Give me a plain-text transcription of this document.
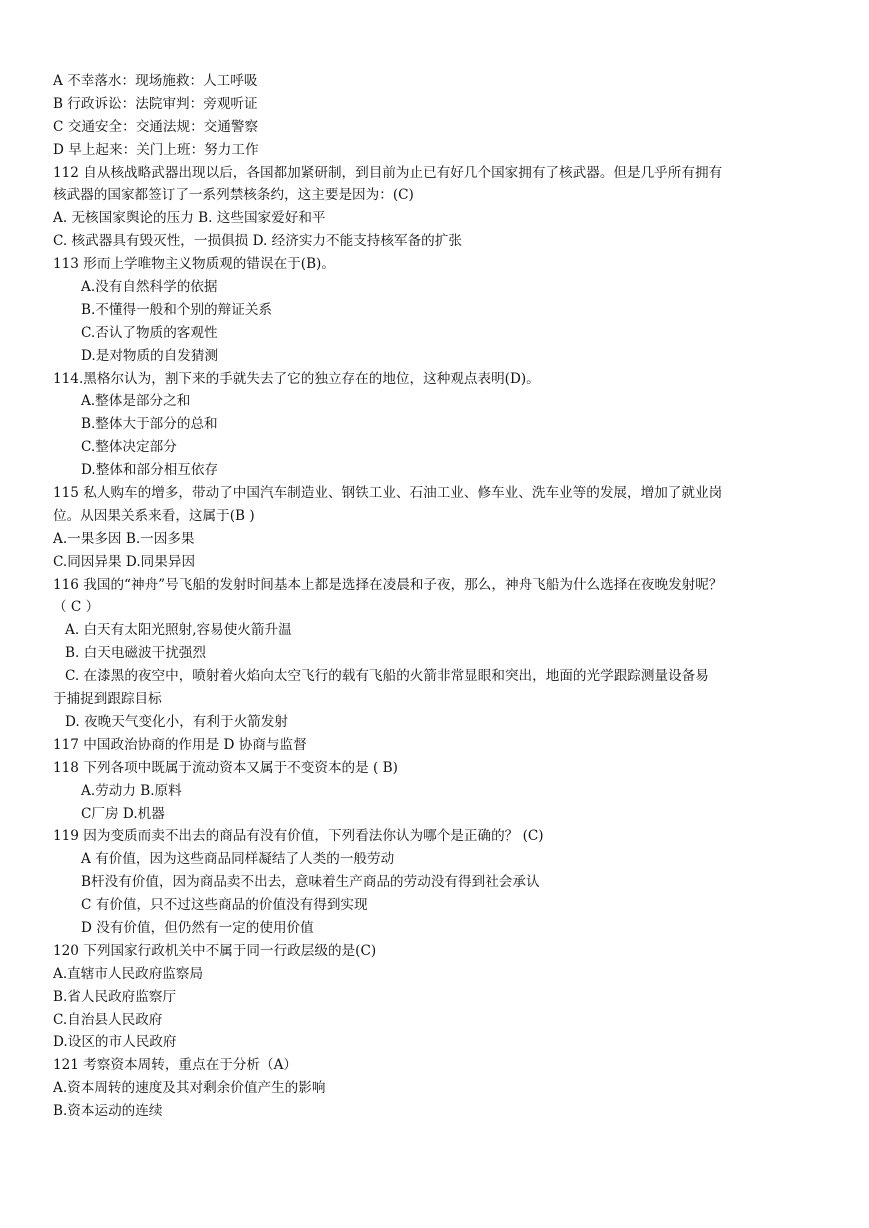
A 不幸落水：现场施救：人工呼吸
B 行政诉讼：法院审判：旁观听证
C 交通安全：交通法规：交通警察
D 早上起来：关门上班：努力工作
112 自从核战略武器出现以后，各国都加紧研制，到目前为止已有好几个国家拥有了核武器。但是几乎所有拥有
核武器的国家都签订了一系列禁核条约，这主要是因为：(C)
A. 无核国家舆论的压力 B. 这些国家爱好和平
C. 核武器具有毁灭性，一损俱损 D. 经济实力不能支持核军备的扩张
113 形而上学唯物主义物质观的错误在于(B)。
A.没有自然科学的依据
B.不懂得一般和个别的辩证关系
C.否认了物质的客观性
D.是对物质的自发猜测
114.黑格尔认为，割下来的手就失去了它的独立存在的地位，这种观点表明(D)。
A.整体是部分之和
B.整体大于部分的总和
C.整体决定部分
D.整体和部分相互依存
115 私人购车的增多，带动了中国汽车制造业、钢铁工业、石油工业、修车业、洗车业等的发展，增加了就业岗
位。从因果关系来看，这属于(B )
A.一果多因 B.一因多果
C.同因异果 D.同果异因
116 我国的“神舟”号飞船的发射时间基本上都是选择在凌晨和子夜，那么，神舟飞船为什么选择在夜晚发射呢？
（ C ）
A. 白天有太阳光照射,容易使火箭升温
B. 白天电磁波干扰强烈
C. 在漆黑的夜空中，喷射着火焰向太空飞行的载有飞船的火箭非常显眼和突出，地面的光学跟踪测量设备易
于捕捉到跟踪目标
D. 夜晚天气变化小，有利于火箭发射
117 中国政治协商的作用是 D 协商与监督
118 下列各项中既属于流动资本又属于不变资本的是 ( B)
A.劳动力 B.原料
C厂房 D.机器
119 因为变质而卖不出去的商品有没有价值，下列看法你认为哪个是正确的？ (C)
A 有价值，因为这些商品同样凝结了人类的一般劳动
B杆没有价值，因为商品卖不出去，意味着生产商品的劳动没有得到社会承认
C 有价值，只不过这些商品的价值没有得到实现
D 没有价值，但仍然有一定的使用价值
120 下列国家行政机关中不属于同一行政层级的是(C)
A.直辖市人民政府监察局
B.省人民政府监察厅
C.自治县人民政府
D.设区的市人民政府
121 考察资本周转，重点在于分析（A）
A.资本周转的速度及其对剩余价值产生的影响
B.资本运动的连续
